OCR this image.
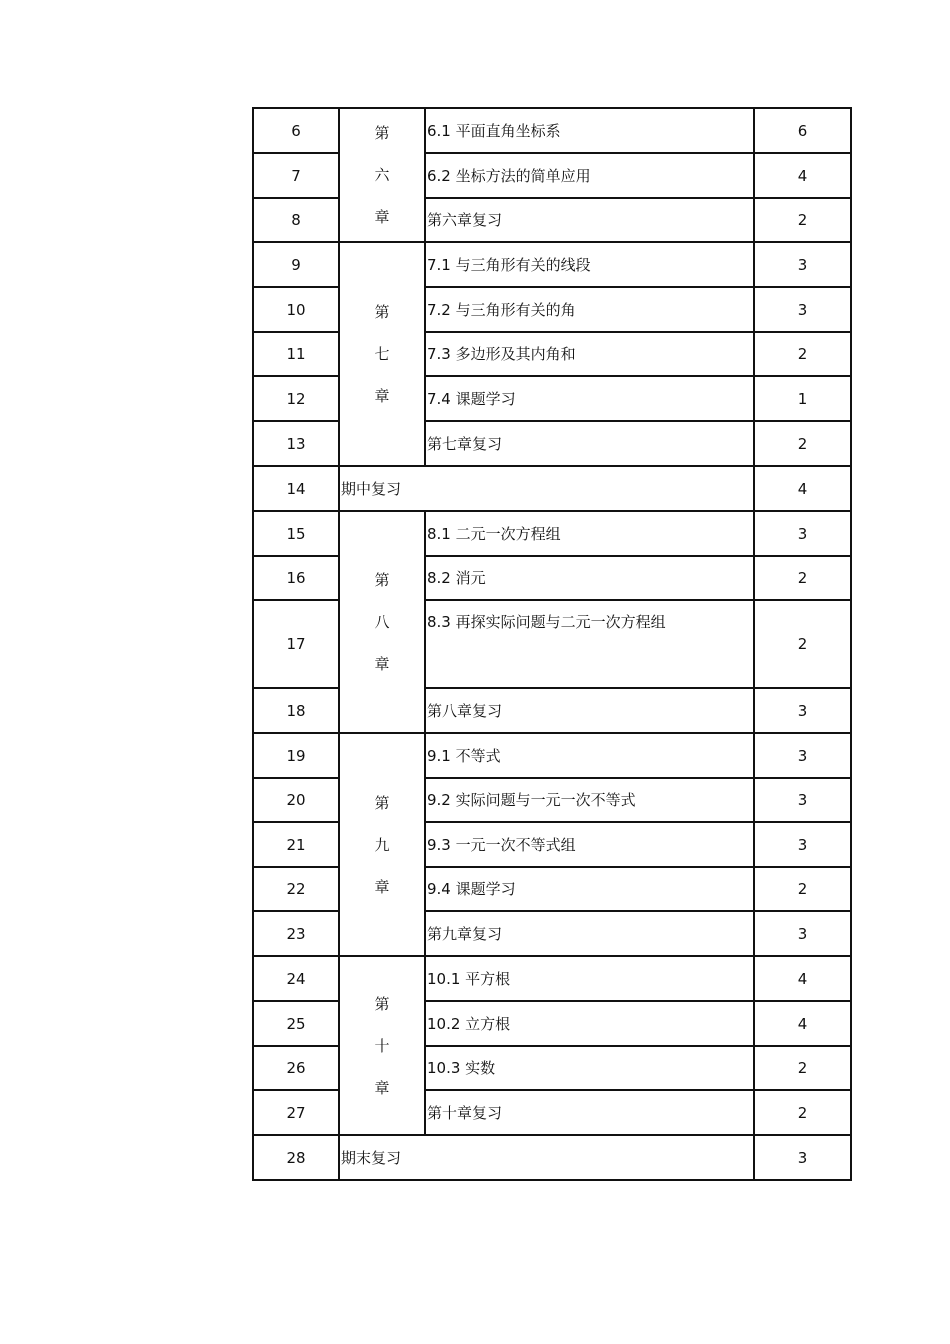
6	第
六
章	6.1 平面直角坐标系	6
7		6.2 坐标方法的简单应用	4
8		第六章复习	2
9	第
七
章	7.1 与三角形有关的线段	3
10		7.2 与三角形有关的角	3
11		7.3 多边形及其内角和	2
12		7.4 课题学习	1
13		第七章复习	2
14	期中复习		4
15	第
八
章	8.1 二元一次方程组	3
16		8.2 消元	2
17		8.3 再探实际问题与二元一次方程组	2
18		第八章复习	3
19	第
九
章	9.1 不等式	3
20		9.2 实际问题与一元一次不等式	3
21		9.3 一元一次不等式组	3
22		9.4 课题学习	2
23		第九章复习	3
24	第
十
章	10.1 平方根	4
25		10.2 立方根	4
26		10.3 实数	2
27		第十章复习	2
28	期末复习		3
